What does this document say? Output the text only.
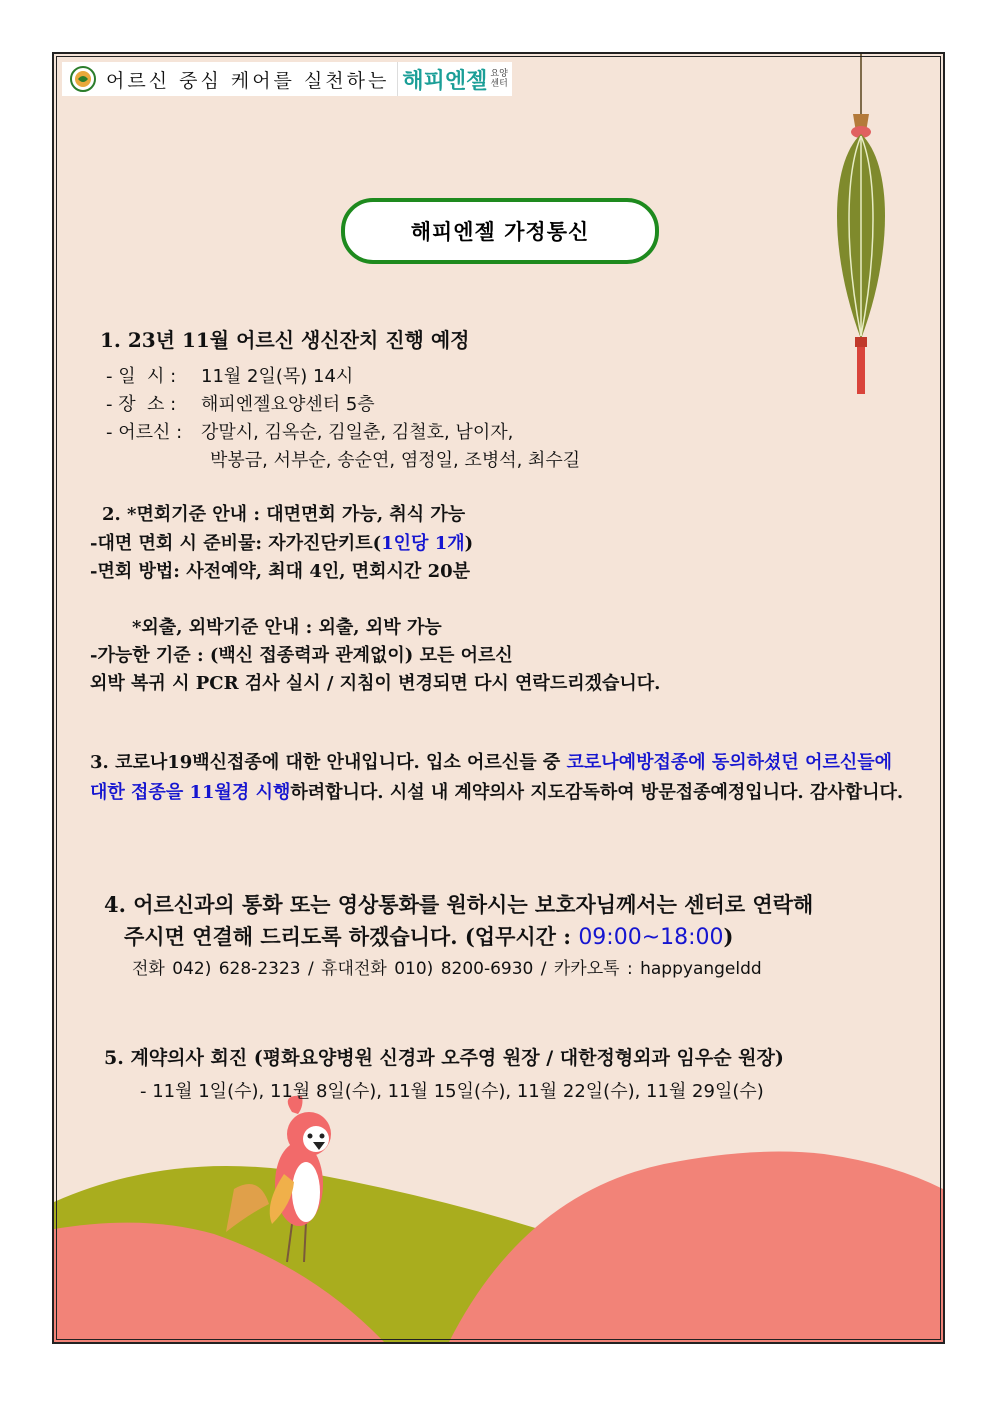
어르신 중심 케어를 실천하는 해피엔젤 요양
센터
해피엔젤 가정통신
1. 23년 11월 어르신 생신잔치 진행 예정
- 일  시 : 11월 2일(목) 14시
- 장  소 : 해피엔젤요양센터 5층
- 어르신 : 강말시, 김옥순, 김일춘, 김철호, 남이자,
박봉금, 서부순, 송순연, 염정일, 조병석, 최수길
2. *면회기준 안내 : 대면면회 가능, 취식 가능
-대면 면회 시 준비물: 자가진단키트(1인당 1개)
-면회 방법: 사전예약, 최대 4인, 면회시간 20분
*외출, 외박기준 안내 : 외출, 외박 가능
-가능한 기준 : (백신 접종력과 관계없이) 모든 어르신
외박 복귀 시 PCR 검사 실시 / 지침이 변경되면 다시 연락드리겠습니다.
3. 코로나19백신접종에 대한 안내입니다. 입소 어르신들 중 코로나예방접종에 동의하셨던 어르신들에 대한 접종을 11월경 시행하려합니다. 시설 내 계약의사 지도감독하여 방문접종예정입니다. 감사합니다.
4. 어르신과의 통화 또는 영상통화를 원하시는 보호자님께서는 센터로 연락해
주시면 연결해 드리도록 하겠습니다. (업무시간 : 09:00~18:00)
전화 042) 628-2323 / 휴대전화 010) 8200-6930 / 카카오톡 : happyangeldd
5. 계약의사 회진 (평화요양병원 신경과 오주영 원장 / 대한정형외과 임우순 원장)
- 11월 1일(수), 11월 8일(수), 11월 15일(수), 11월 22일(수), 11월 29일(수)
